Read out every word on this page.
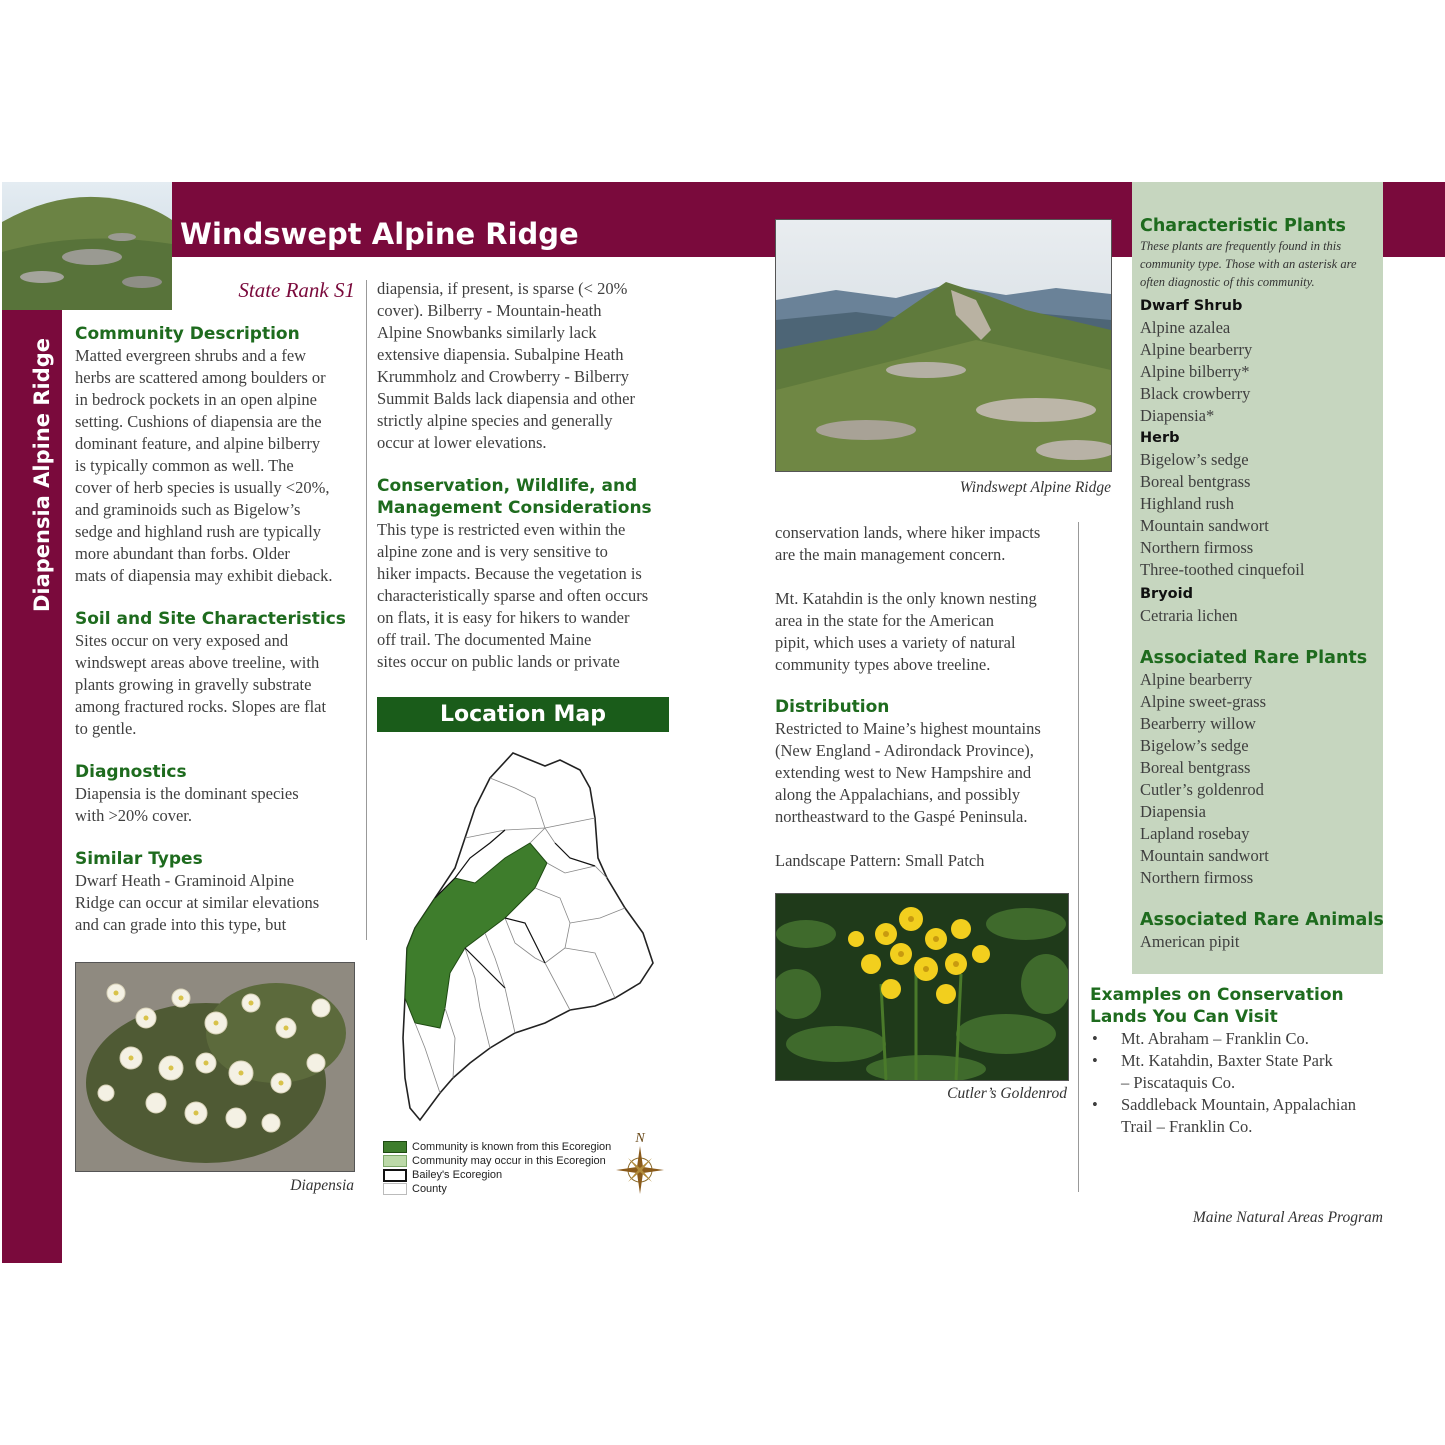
Diapensia Alpine Ridge
Windswept Alpine Ridge
State Rank S1
Community Description
Matted evergreen shrubs and a few
herbs are scattered among boulders or
in bedrock pockets in an open alpine
setting. Cushions of diapensia are the
dominant feature, and alpine bilberry
is typically common as well. The
cover of herb species is usually <20%,
and graminoids such as Bigelow’s
sedge and highland rush are typically
more abundant than forbs. Older
mats of diapensia may exhibit dieback.
Soil and Site Characteristics
Sites occur on very exposed and
windswept areas above treeline, with
plants growing in gravelly substrate
among fractured rocks. Slopes are flat
to gentle.
Diagnostics
Diapensia is the dominant species
with >20% cover.
Similar Types
Dwarf Heath - Graminoid Alpine
Ridge can occur at similar elevations
and can grade into this type, but
Diapensia
diapensia, if present, is sparse (< 20%
cover). Bilberry - Mountain-heath
Alpine Snowbanks similarly lack
extensive diapensia. Subalpine Heath
Krummholz and Crowberry - Bilberry
Summit Balds lack diapensia and other
strictly alpine species and generally
occur at lower elevations.
Conservation, Wildlife, and
Management Considerations
This type is restricted even within the
alpine zone and is very sensitive to
hiker impacts. Because the vegetation is
characteristically sparse and often occurs
on flats, it is easy for hikers to wander
off trail. The documented Maine
sites occur on public lands or private
Location Map
Community is known from this Ecoregion
Community may occur in this Ecoregion
Bailey's Ecoregion
County
N
Windswept Alpine Ridge
conservation lands, where hiker impacts
are the main management concern.
Mt. Katahdin is the only known nesting
area in the state for the American
pipit, which uses a variety of natural
community types above treeline.
Distribution
Restricted to Maine’s highest mountains
(New England - Adirondack Province),
extending west to New Hampshire and
along the Appalachians, and possibly
northeastward to the Gaspé Peninsula.
Landscape Pattern: Small Patch
Cutler’s Goldenrod
Characteristic Plants
These plants are frequently found in this
community type. Those with an asterisk are
often diagnostic of this community.
Dwarf Shrub
Alpine azalea
Alpine bearberry
Alpine bilberry*
Black crowberry
Diapensia*
Herb
Bigelow’s sedge
Boreal bentgrass
Highland rush
Mountain sandwort
Northern firmoss
Three-toothed cinquefoil
Bryoid
Cetraria lichen
Associated Rare Plants
Alpine bearberry
Alpine sweet-grass
Bearberry willow
Bigelow’s sedge
Boreal bentgrass
Cutler’s goldenrod
Diapensia
Lapland rosebay
Mountain sandwort
Northern firmoss
Associated Rare Animals
American pipit
Examples on Conservation
Lands You Can Visit
• Mt. Abraham – Franklin Co.
• Mt. Katahdin, Baxter State Park
– Piscataquis Co.
• Saddleback Mountain, Appalachian
Trail – Franklin Co.
Maine Natural Areas Program
